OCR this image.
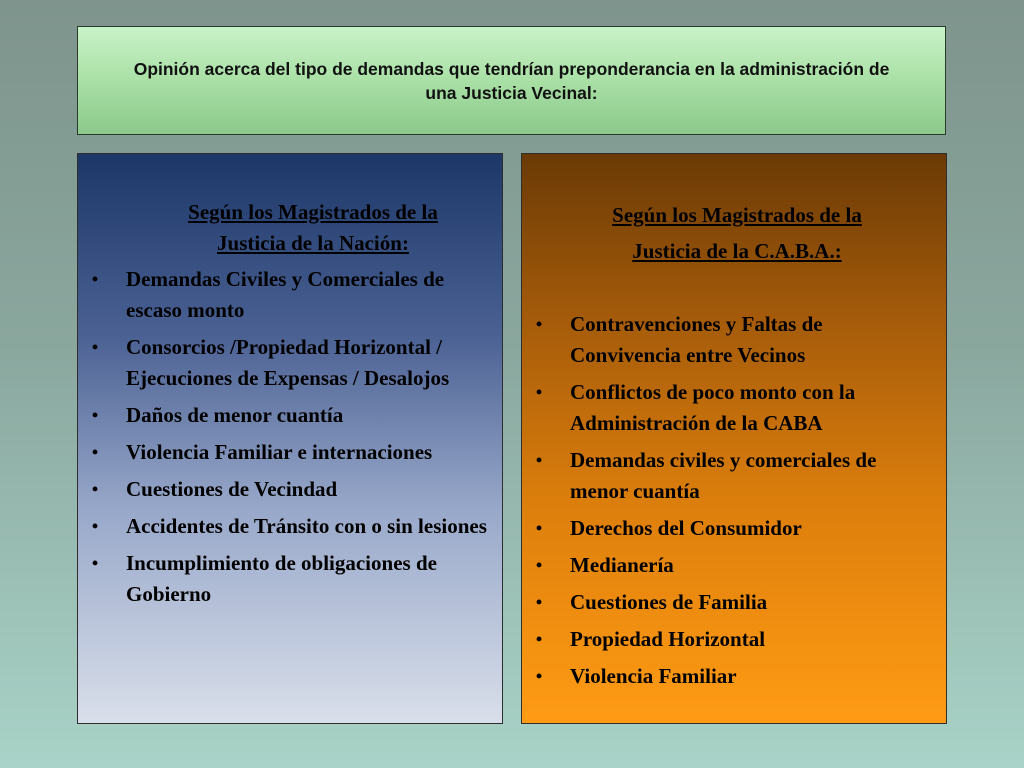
Opinión acerca del tipo de demandas que tendrían preponderancia en la administración de una Justicia Vecinal:
Según los Magistrados de la
Justicia de la Nación:
• Demandas Civiles y Comerciales de escaso monto
• Consorcios /Propiedad Horizontal / Ejecuciones de Expensas / Desalojos
• Daños de menor cuantía
• Violencia Familiar e internaciones
• Cuestiones de Vecindad
• Accidentes de Tránsito con o sin lesiones
• Incumplimiento de obligaciones de Gobierno
Según los Magistrados de la
Justicia de la C.A.B.A.:
• Contravenciones y Faltas de Convivencia entre Vecinos
• Conflictos de poco monto con la Administración de la CABA
• Demandas civiles y comerciales de menor cuantía
• Derechos del Consumidor
• Medianería
• Cuestiones de Familia
• Propiedad Horizontal
• Violencia Familiar
